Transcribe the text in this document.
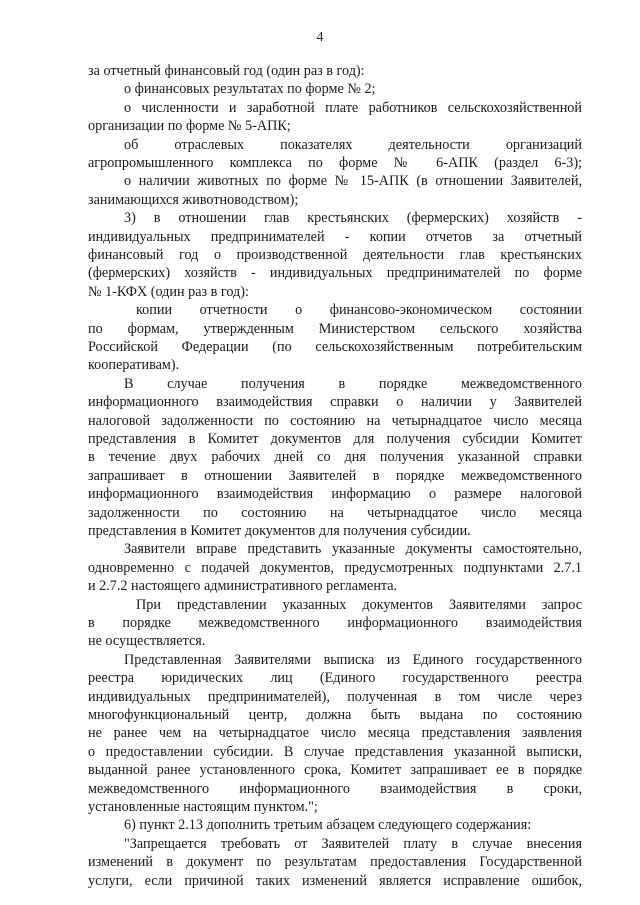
4
за отчетный финансовый год (один раз в год):
о финансовых результатах по форме № 2;
о численности и заработной плате работников сельскохозяйственной
организации по форме № 5-АПК;
об отраслевых показателях деятельности организаций
агропромышленного комплекса по форме № 6-АПК (раздел 6-3);
о наличии животных по форме № 15-АПК (в отношении Заявителей,
занимающихся животноводством);
3) в отношении глав крестьянских (фермерских) хозяйств -
индивидуальных предпринимателей - копии отчетов за отчетный
финансовый год о производственной деятельности глав крестьянских
(фермерских) хозяйств - индивидуальных предпринимателей по форме
№ 1-КФХ (один раз в год):
копии отчетности о финансово-экономическом состоянии
по формам, утвержденным Министерством сельского хозяйства
Российской Федерации (по сельскохозяйственным потребительским
кооперативам).
В случае получения в порядке межведомственного
информационного взаимодействия справки о наличии у Заявителей
налоговой задолженности по состоянию на четырнадцатое число месяца
представления в Комитет документов для получения субсидии Комитет
в течение двух рабочих дней со дня получения указанной справки
запрашивает в отношении Заявителей в порядке межведомственного
информационного взаимодействия информацию о размере налоговой
задолженности по состоянию на четырнадцатое число месяца
представления в Комитет документов для получения субсидии.
Заявители вправе представить указанные документы самостоятельно,
одновременно с подачей документов, предусмотренных подпунктами 2.7.1
и 2.7.2 настоящего административного регламента.
При представлении указанных документов Заявителями запрос
в порядке межведомственного информационного взаимодействия
не осуществляется.
Представленная Заявителями выписка из Единого государственного
реестра юридических лиц (Единого государственного реестра
индивидуальных предпринимателей), полученная в том числе через
многофункциональный центр, должна быть выдана по состоянию
не ранее чем на четырнадцатое число месяца представления заявления
о предоставлении субсидии. В случае представления указанной выписки,
выданной ранее установленного срока, Комитет запрашивает ее в порядке
межведомственного информационного взаимодействия в сроки,
установленные настоящим пунктом.";
6) пункт 2.13 дополнить третьим абзацем следующего содержания:
"Запрещается требовать от Заявителей плату в случае внесения
изменений в документ по результатам предоставления Государственной
услуги, если причиной таких изменений является исправление ошибок,
